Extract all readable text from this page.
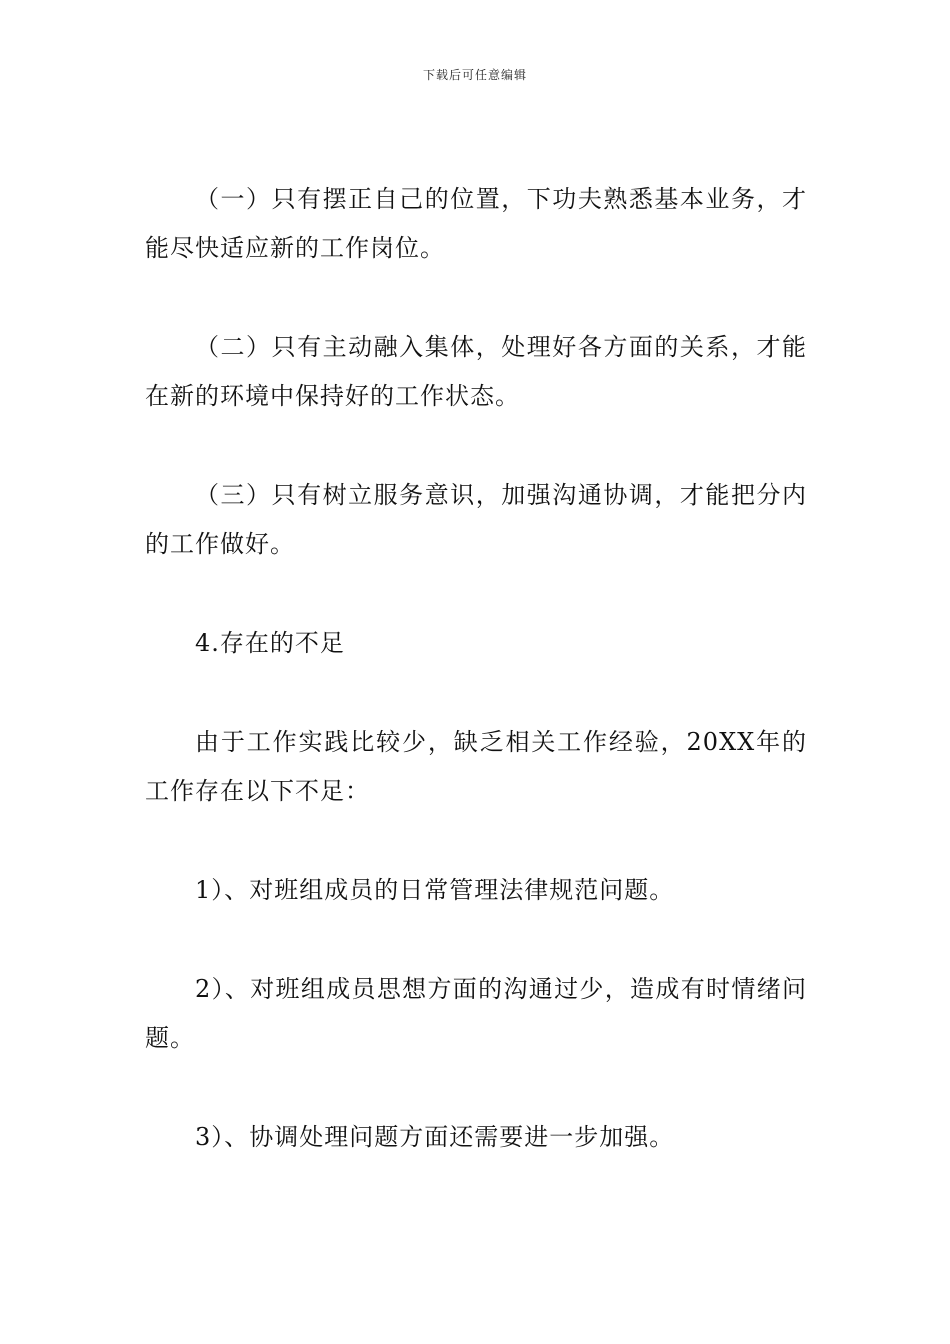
下载后可任意编辑

（一）只有摆正自己的位置，下功夫熟悉基本业务，才能尽快适应新的工作岗位。

（二）只有主动融入集体，处理好各方面的关系，才能在新的环境中保持好的工作状态。

（三）只有树立服务意识，加强沟通协调，才能把分内的工作做好。

4.存在的不足

由于工作实践比较少，缺乏相关工作经验，20XX年的工作存在以下不足：

1）、对班组成员的日常管理法律规范问题。

2）、对班组成员思想方面的沟通过少，造成有时情绪问题。

3）、协调处理问题方面还需要进一步加强。
